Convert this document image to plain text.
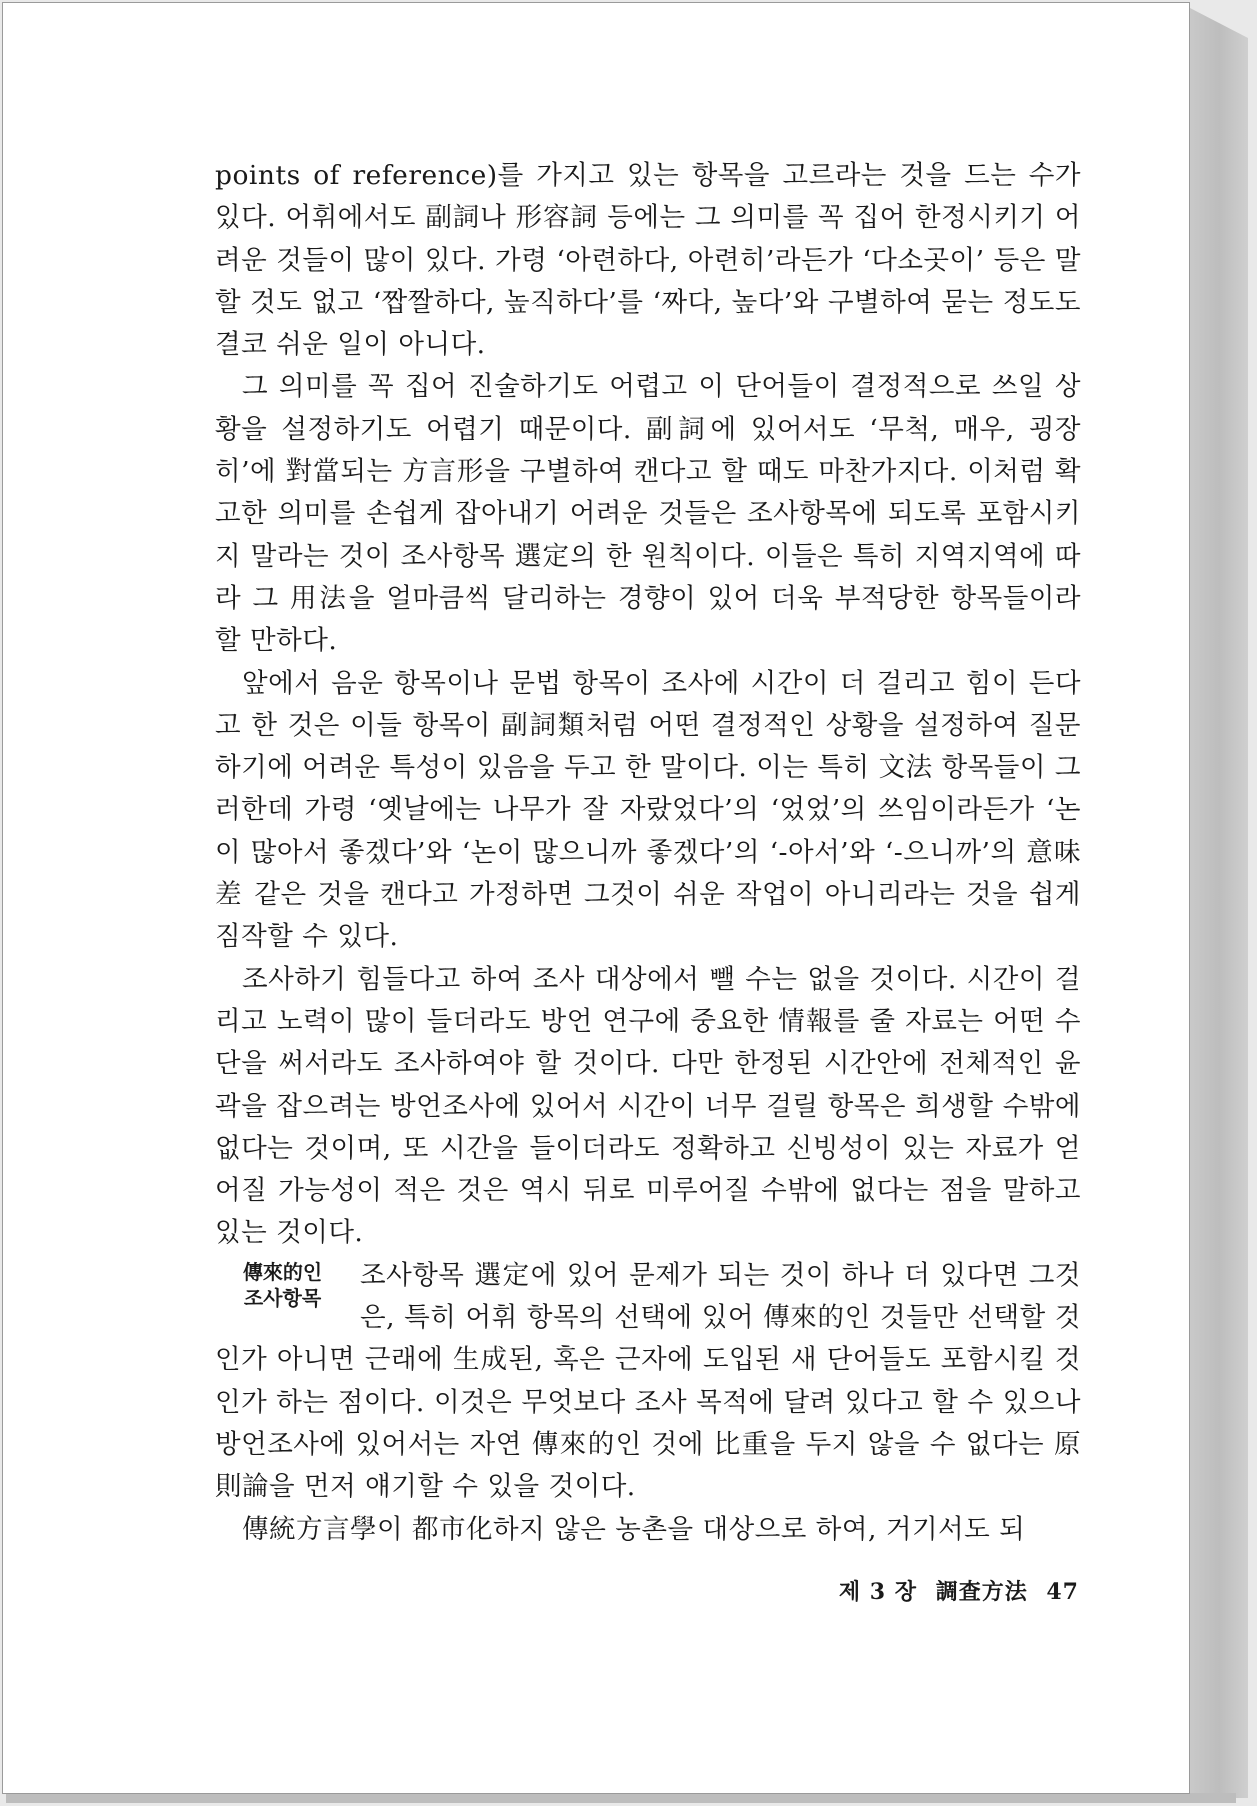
points of reference)를 가지고 있는 항목을 고르라는 것을 드는 수가 있다. 어휘에서도 副詞나 形容詞 등에는 그 의미를 꼭 집어 한정시키기 어려운 것들이 많이 있다. 가령 ‘아련하다, 아련히’라든가 ‘다소곳이’ 등은 말할 것도 없고 ‘짭짤하다, 높직하다’를 ‘짜다, 높다’와 구별하여 묻는 정도도 결코 쉬운 일이 아니다.

그 의미를 꼭 집어 진술하기도 어렵고 이 단어들이 결정적으로 쓰일 상황을 설정하기도 어렵기 때문이다. 副詞에 있어서도 ‘무척, 매우, 굉장히’에 對當되는 方言形을 구별하여 캔다고 할 때도 마찬가지다. 이처럼 확고한 의미를 손쉽게 잡아내기 어려운 것들은 조사항목에 되도록 포함시키지 말라는 것이 조사항목 選定의 한 원칙이다. 이들은 특히 지역지역에 따라 그 用法을 얼마큼씩 달리하는 경향이 있어 더욱 부적당한 항목들이라 할 만하다.

앞에서 음운 항목이나 문법 항목이 조사에 시간이 더 걸리고 힘이 든다고 한 것은 이들 항목이 副詞類처럼 어떤 결정적인 상황을 설정하여 질문하기에 어려운 특성이 있음을 두고 한 말이다. 이는 특히 文法 항목들이 그러한데 가령 ‘옛날에는 나무가 잘 자랐었다’의 ‘었었’의 쓰임이라든가 ‘논이 많아서 좋겠다’와 ‘논이 많으니까 좋겠다’의 ‘-아서’와 ‘-으니까’의 意味差 같은 것을 캔다고 가정하면 그것이 쉬운 작업이 아니리라는 것을 쉽게 짐작할 수 있다.

조사하기 힘들다고 하여 조사 대상에서 뺄 수는 없을 것이다. 시간이 걸리고 노력이 많이 들더라도 방언 연구에 중요한 情報를 줄 자료는 어떤 수단을 써서라도 조사하여야 할 것이다. 다만 한정된 시간안에 전체적인 윤곽을 잡으려는 방언조사에 있어서 시간이 너무 걸릴 항목은 희생할 수밖에 없다는 것이며, 또 시간을 들이더라도 정확하고 신빙성이 있는 자료가 얻어질 가능성이 적은 것은 역시 뒤로 미루어질 수밖에 없다는 점을 말하고 있는 것이다.

傳來的인
조사항목

조사항목 選定에 있어 문제가 되는 것이 하나 더 있다면 그것은, 특히 어휘 항목의 선택에 있어 傳來的인 것들만 선택할 것인가 아니면 근래에 生成된, 혹은 근자에 도입된 새 단어들도 포함시킬 것인가 하는 점이다. 이것은 무엇보다 조사 목적에 달려 있다고 할 수 있으나 방언조사에 있어서는 자연 傳來的인 것에 比重을 두지 않을 수 없다는 原則論을 먼저 얘기할 수 있을 것이다.

傳統方言學이 都市化하지 않은 농촌을 대상으로 하여, 거기서도 되

제 3 장 調査方法 47
